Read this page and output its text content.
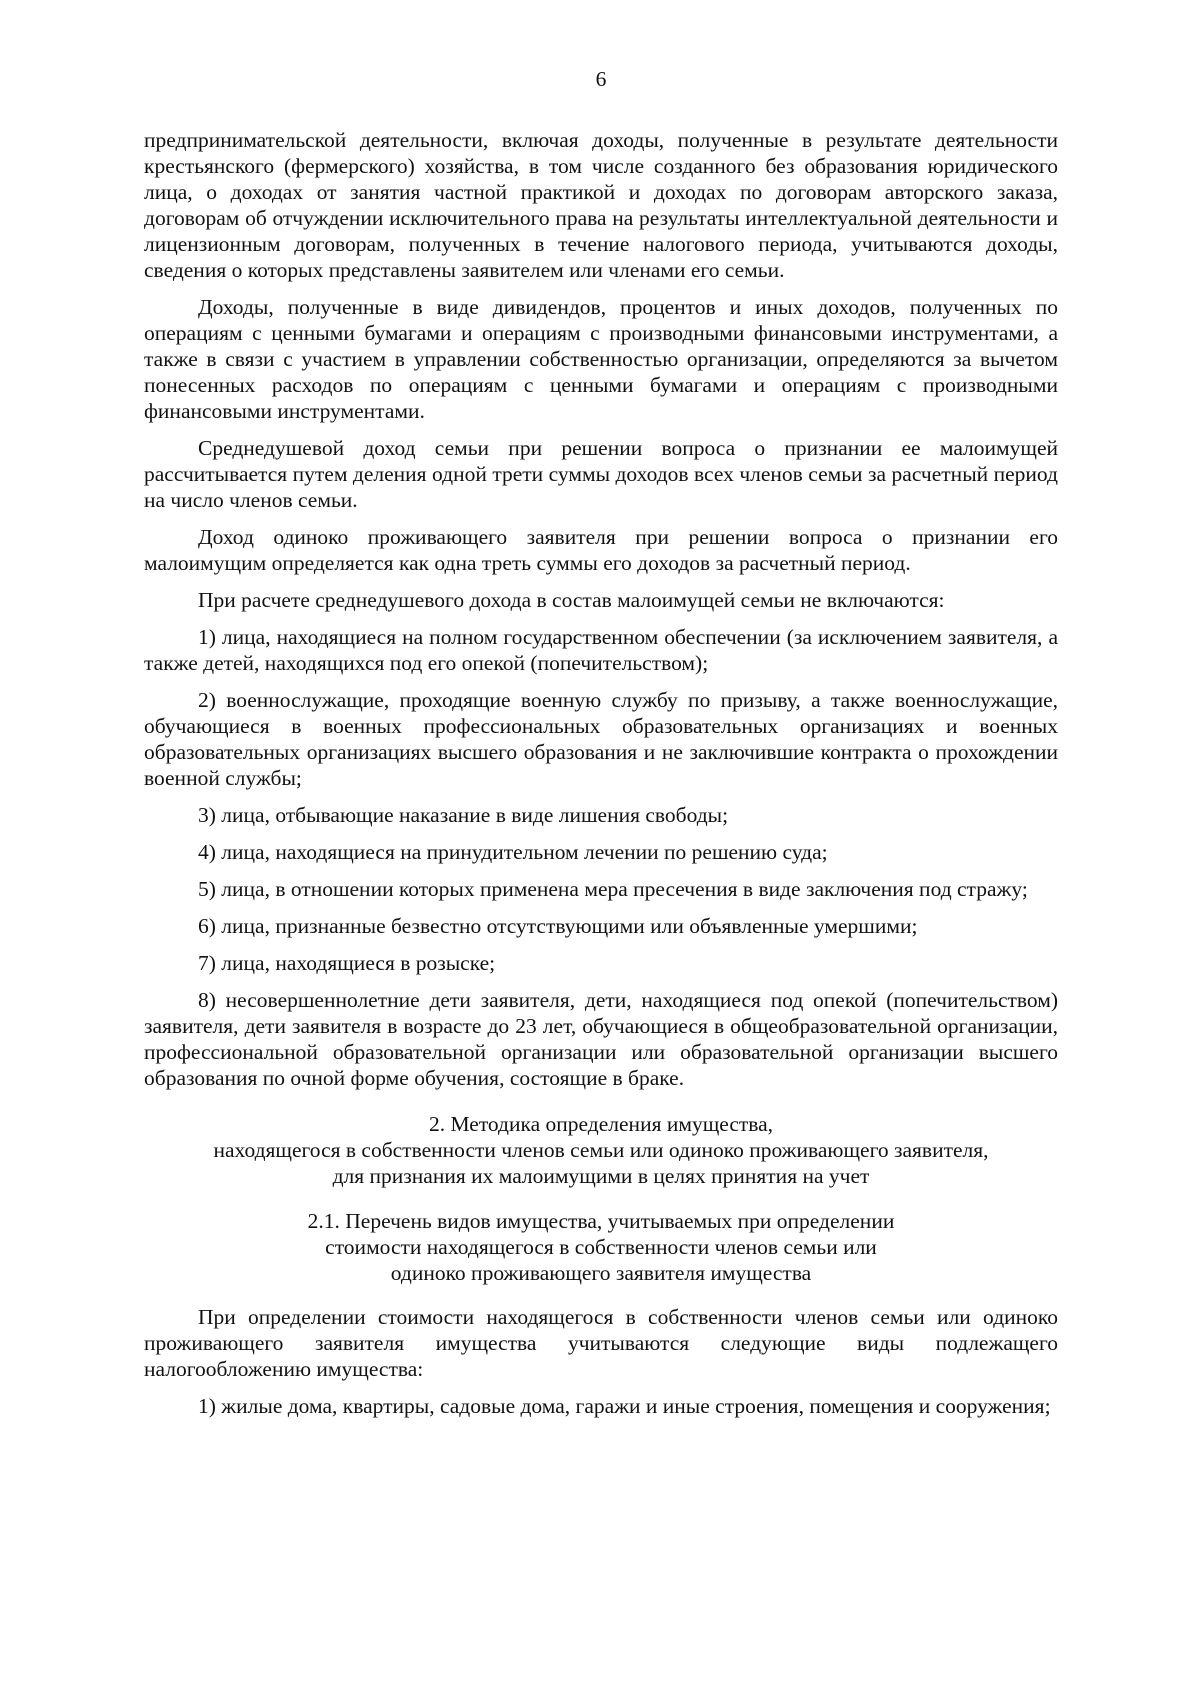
6

предпринимательской деятельности, включая доходы, полученные в результате деятельности крестьянского (фермерского) хозяйства, в том числе созданного без образования юридического лица, о доходах от занятия частной практикой и доходах по договорам авторского заказа, договорам об отчуждении исключительного права на результаты интеллектуальной деятельности и лицензионным договорам, полученных в течение налогового периода, учитываются доходы, сведения о которых представлены заявителем или членами его семьи.

Доходы, полученные в виде дивидендов, процентов и иных доходов, полученных по операциям с ценными бумагами и операциям с производными финансовыми инструментами, а также в связи с участием в управлении собственностью организации, определяются за вычетом понесенных расходов по операциям с ценными бумагами и операциям с производными финансовыми инструментами.

Среднедушевой доход семьи при решении вопроса о признании ее малоимущей рассчитывается путем деления одной трети суммы доходов всех членов семьи за расчетный период на число членов семьи.

Доход одиноко проживающего заявителя при решении вопроса о признании его малоимущим определяется как одна треть суммы его доходов за расчетный период.

При расчете среднедушевого дохода в состав малоимущей семьи не включаются:

1) лица, находящиеся на полном государственном обеспечении (за исключением заявителя, а также детей, находящихся под его опекой (попечительством);

2) военнослужащие, проходящие военную службу по призыву, а также военнослужащие, обучающиеся в военных профессиональных образовательных организациях и военных образовательных организациях высшего образования и не заключившие контракта о прохождении военной службы;

3) лица, отбывающие наказание в виде лишения свободы;

4) лица, находящиеся на принудительном лечении по решению суда;

5) лица, в отношении которых применена мера пресечения в виде заключения под стражу;

6) лица, признанные безвестно отсутствующими или объявленные умершими;

7) лица, находящиеся в розыске;

8) несовершеннолетние дети заявителя, дети, находящиеся под опекой (попечительством) заявителя, дети заявителя в возрасте до 23 лет, обучающиеся в общеобразовательной организации, профессиональной образовательной организации или образовательной организации высшего образования по очной форме обучения, состоящие в браке.

2. Методика определения имущества,
находящегося в собственности членов семьи или одиноко проживающего заявителя,
для признания их малоимущими в целях принятия на учет
2.1. Перечень видов имущества, учитываемых при определении
стоимости находящегося в собственности членов семьи или
одиноко проживающего заявителя имущества

При определении стоимости находящегося в собственности членов семьи или одиноко проживающего заявителя имущества учитываются следующие виды подлежащего налогообложению имущества:

1) жилые дома, квартиры, садовые дома, гаражи и иные строения, помещения и сооружения;
